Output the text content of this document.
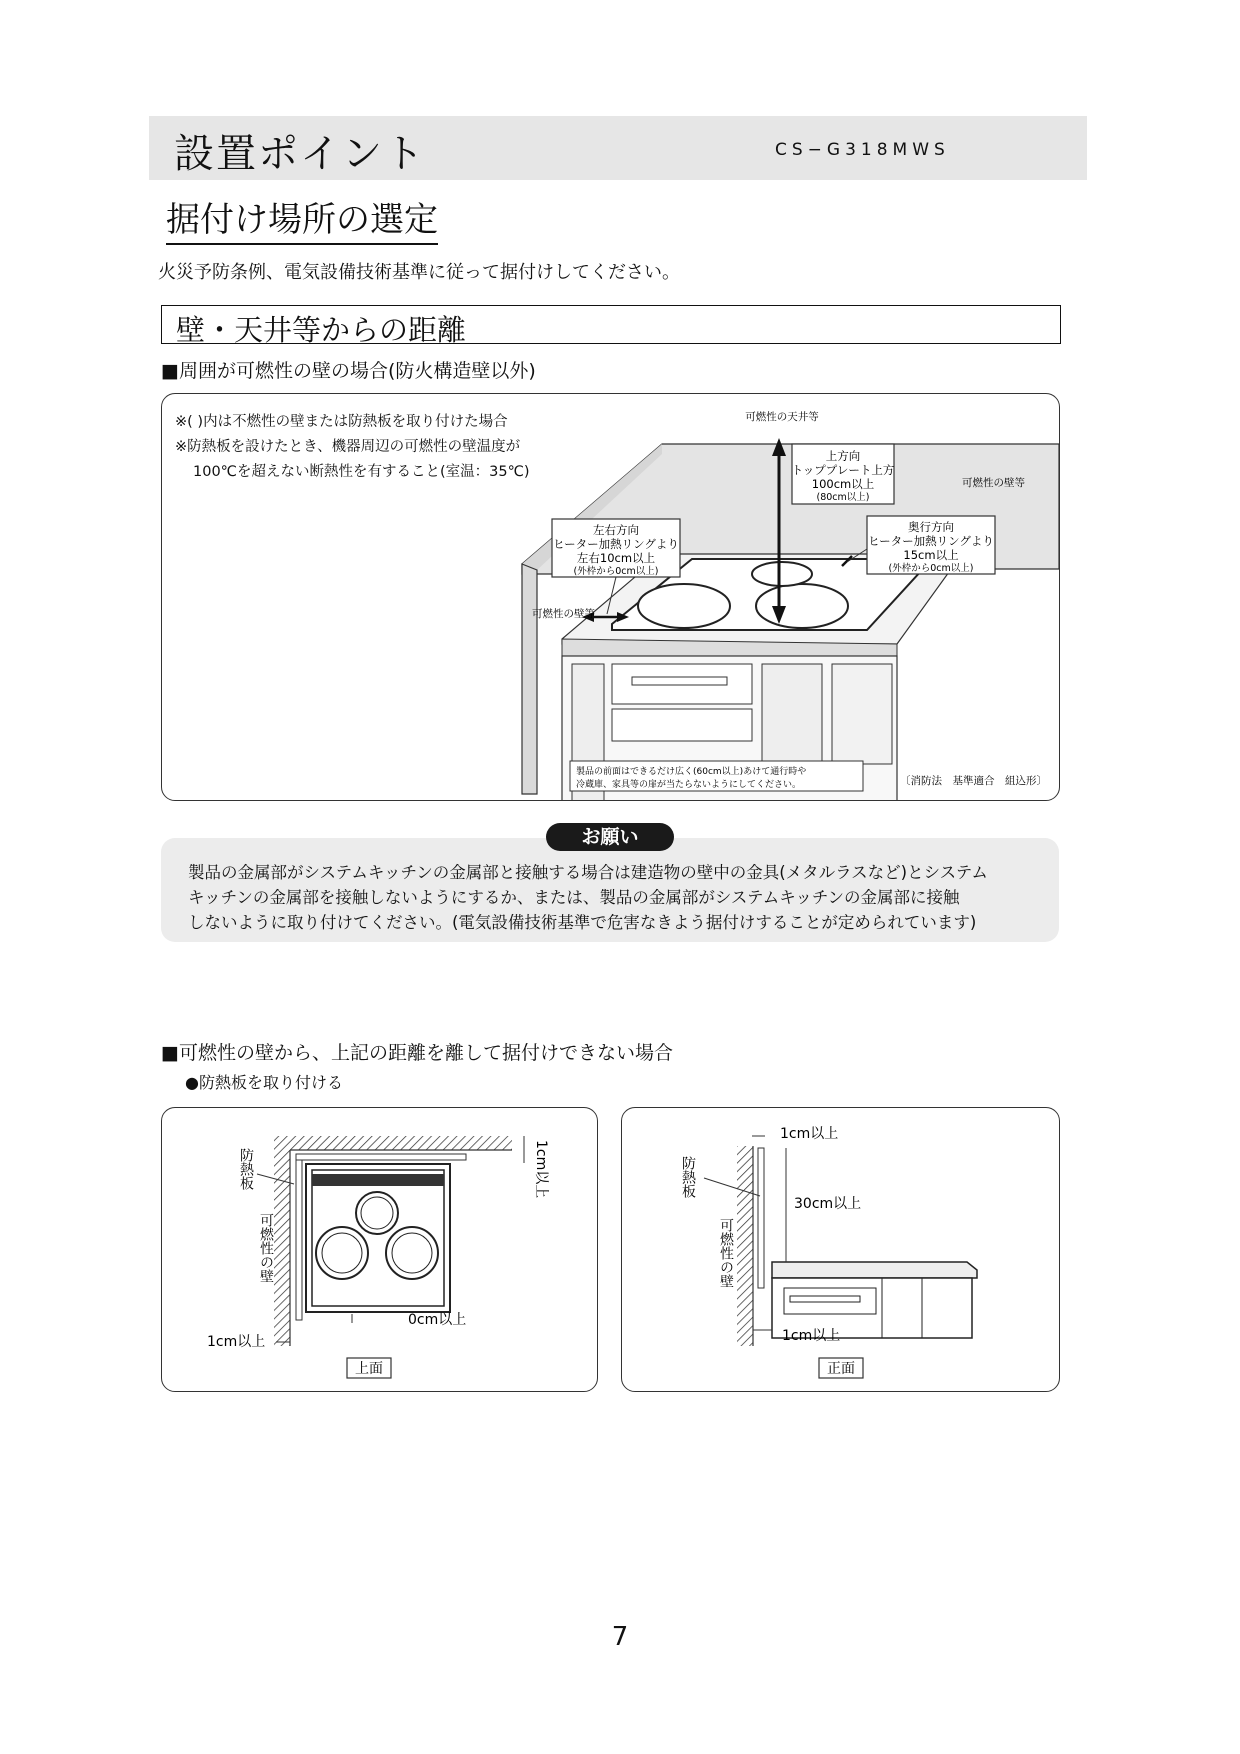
設置ポイント	CS−G318MWS
据付け場所の選定
火災予防条例、電気設備技術基準に従って据付けしてください。
壁・天井等からの距離
■周囲が可燃性の壁の場合(防火構造壁以外)
※( )内は不燃性の壁または防熱板を取り付けた場合
※防熱板を設けたとき、機器周辺の可燃性の壁温度が
100℃を超えない断熱性を有すること(室温：35℃)
上方向
トッププレート上方
100cm以上
(80cm以上)
左右方向
ヒーター加熱リングより
左右10cm以上
(外枠から0cm以上)
奥行方向
ヒーター加熱リングより
15cm以上
(外枠から0cm以上)
可燃性の天井等
可燃性の壁等
可燃性の壁等
製品の前面はできるだけ広く(60cm以上)あけて通行時や
冷蔵庫、家具等の扉が当たらないようにしてください。	〔消防法　基準適合　組込形〕
お願い
製品の金属部がシステムキッチンの金属部と接触する場合は建造物の壁中の金具(メタルラスなど)とシステム
キッチンの金属部を接触しないようにするか、または、製品の金属部がシステムキッチンの金属部に接触
しないように取り付けてください。(電気設備技術基準で危害なきよう据付けすることが定められています)
■可燃性の壁から、上記の距離を離して据付けできない場合
●防熱板を取り付ける
1cm以上
0cm以上
1cm以上
防熱板
可燃性の壁
上面
1cm以上
30cm以上
1cm以上
防熱板
可燃性の壁
正面
7
